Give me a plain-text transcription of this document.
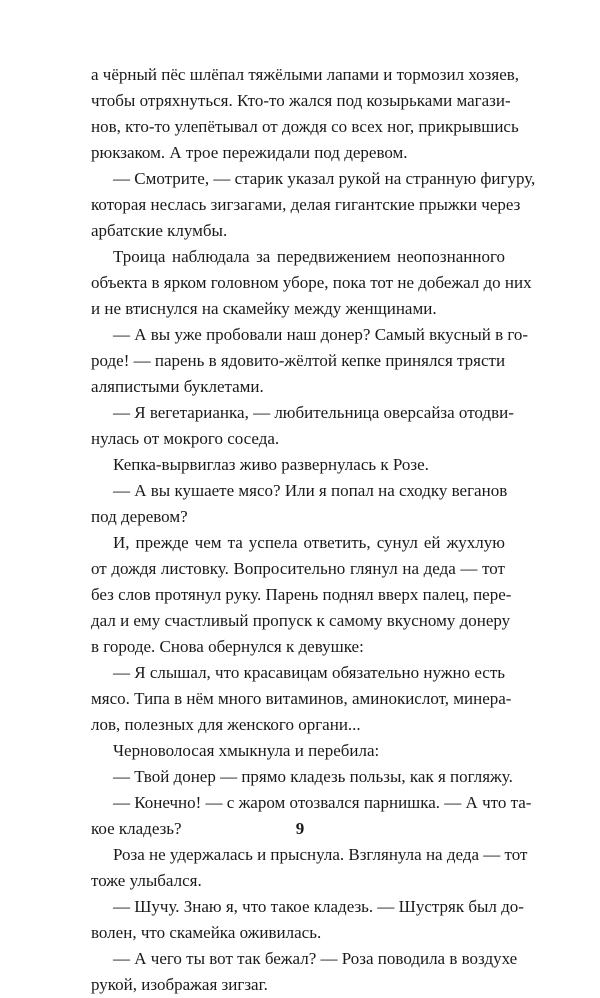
а чёрный пёс шлёпал тяжёлыми лапами и тормозил хозяев,
чтобы отряхнуться. Кто-то жался под козырьками магази-
нов, кто-то улепётывал от дождя со всех ног, прикрывшись
рюкзаком. А трое пережидали под деревом.
— Смотрите, — старик указал рукой на странную фигуру,
которая неслась зигзагами, делая гигантские прыжки через
арбатские клумбы.
Троица наблюдала за передвижением неопознанного
объекта в ярком головном уборе, пока тот не добежал до них
и не втиснулся на скамейку между женщинами.
— А вы уже пробовали наш донер? Самый вкусный в го-
роде! — парень в ядовито-жёлтой кепке принялся трясти
аляпистыми буклетами.
— Я вегетарианка, — любительница оверсайза отодви-
нулась от мокрого соседа.
Кепка-вырвиглаз живо развернулась к Розе.
— А вы кушаете мясо? Или я попал на сходку веганов
под деревом?
И, прежде чем та успела ответить, сунул ей жухлую
от дождя листовку. Вопросительно глянул на деда — тот
без слов протянул руку. Парень поднял вверх палец, пере-
дал и ему счастливый пропуск к самому вкусному донеру
в городе. Снова обернулся к девушке:
— Я слышал, что красавицам обязательно нужно есть
мясо. Типа в нём много витаминов, аминокислот, минера-
лов, полезных для женского органи...
Черноволосая хмыкнула и перебила:
— Твой донер — прямо кладезь пользы, как я погляжу.
— Конечно! — с жаром отозвался парнишка. — А что та-
кое кладезь?
Роза не удержалась и прыснула. Взглянула на деда — тот
тоже улыбался.
— Шучу. Знаю я, что такое кладезь. — Шустряк был до-
волен, что скамейка оживилась.
— А чего ты вот так бежал? — Роза поводила в воздухе
рукой, изображая зигзаг.
9
